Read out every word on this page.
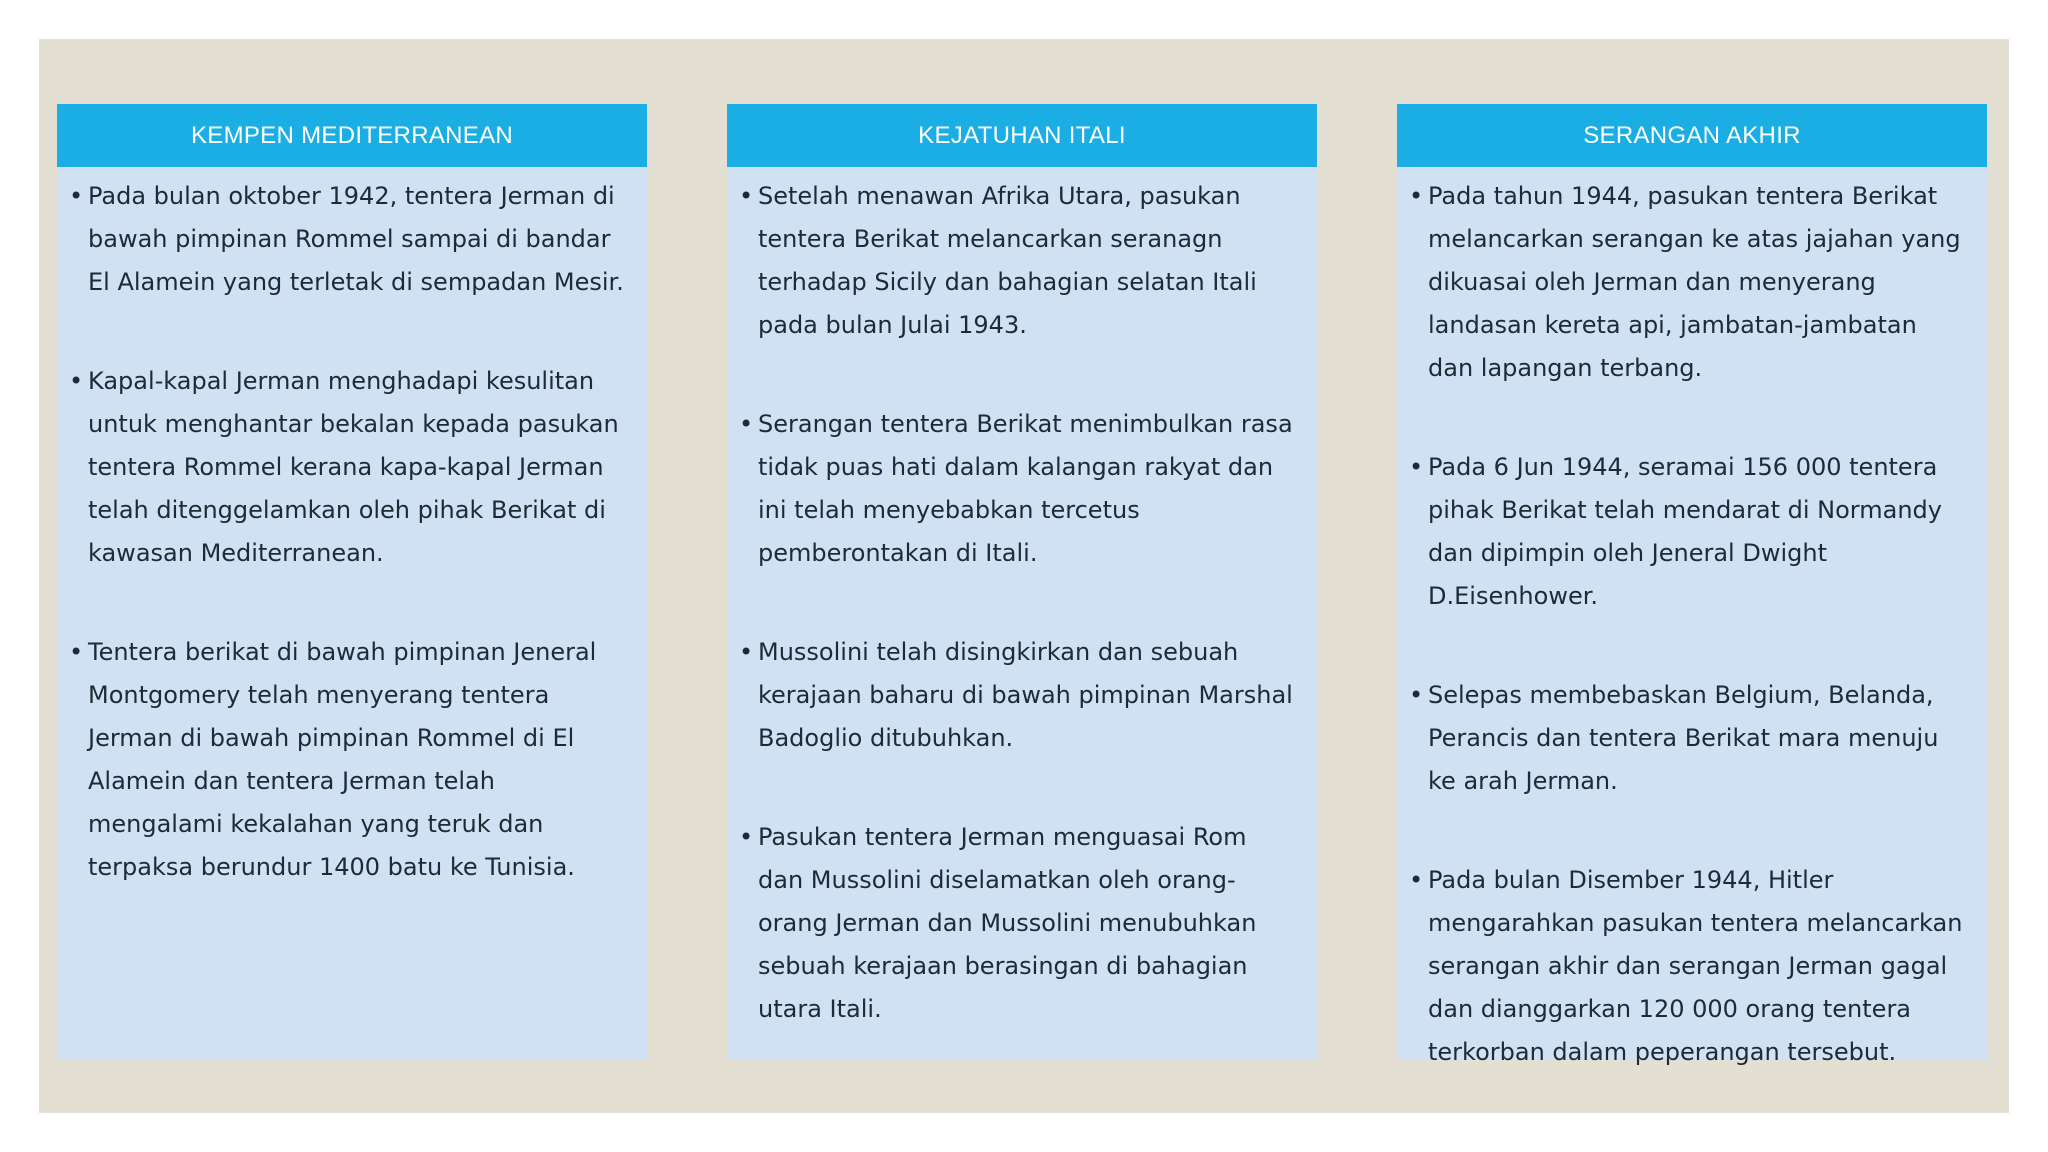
KEMPEN MEDITERRANEAN

• Pada bulan oktober 1942, tentera Jerman di bawah pimpinan Rommel sampai di bandar El Alamein yang terletak di sempadan Mesir.

• Kapal-kapal Jerman menghadapi kesulitan untuk menghantar bekalan kepada pasukan tentera Rommel kerana kapa-kapal Jerman telah ditenggelamkan oleh pihak Berikat di kawasan Mediterranean.

• Tentera berikat di bawah pimpinan Jeneral Montgomery telah menyerang tentera Jerman di bawah pimpinan Rommel di El Alamein dan tentera Jerman telah mengalami kekalahan yang teruk dan terpaksa berundur 1400 batu ke Tunisia.

KEJATUHAN ITALI

• Setelah menawan Afrika Utara, pasukan tentera Berikat melancarkan seranagn terhadap Sicily dan bahagian selatan Itali pada bulan Julai 1943.

• Serangan tentera Berikat menimbulkan rasa tidak puas hati dalam kalangan rakyat dan ini telah menyebabkan tercetus pemberontakan di Itali.

• Mussolini telah disingkirkan dan sebuah kerajaan baharu di bawah pimpinan Marshal Badoglio ditubuhkan.

• Pasukan tentera Jerman menguasai Rom dan Mussolini diselamatkan oleh orang-orang Jerman dan Mussolini menubuhkan sebuah kerajaan berasingan di bahagian utara Itali.

SERANGAN AKHIR

• Pada tahun 1944, pasukan tentera Berikat melancarkan serangan ke atas jajahan yang dikuasai oleh Jerman dan menyerang landasan kereta api, jambatan-jambatan dan lapangan terbang.

• Pada 6 Jun 1944, seramai 156 000 tentera pihak Berikat telah mendarat di Normandy dan dipimpin oleh Jeneral Dwight D.Eisenhower.

• Selepas membebaskan Belgium, Belanda, Perancis dan tentera Berikat mara menuju ke arah Jerman.

• Pada bulan Disember 1944, Hitler mengarahkan pasukan tentera melancarkan serangan akhir dan serangan Jerman gagal dan dianggarkan 120 000 orang tentera terkorban dalam peperangan tersebut.
